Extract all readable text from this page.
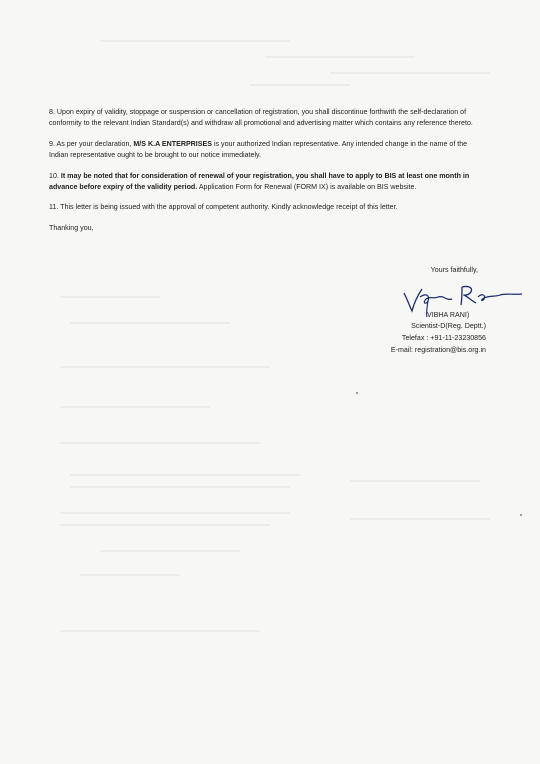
8. Upon expiry of validity, stoppage or suspension or cancellation of registration, you shall discontinue forthwith the self-declaration of conformity to the relevant Indian Standard(s) and withdraw all promotional and advertising matter which contains any reference thereto.

9. As per your declaration, M/S K.A ENTERPRISES is your authorized Indian representative. Any intended change in the name of the Indian representative ought to be brought to our notice immediately.

10. It may be noted that for consideration of renewal of your registration, you shall have to apply to BIS at least one month in advance before expiry of the validity period. Application Form for Renewal (FORM IX) is available on BIS website.

11. This letter is being issued with the approval of competent authority. Kindly acknowledge receipt of this letter.

Thanking you,

Yours faithfully,
VIBHA RANI)
Scientist-D(Reg. Deptt.)
Telefax : +91-11-23230856
E-mail: registration@bis.org.in
